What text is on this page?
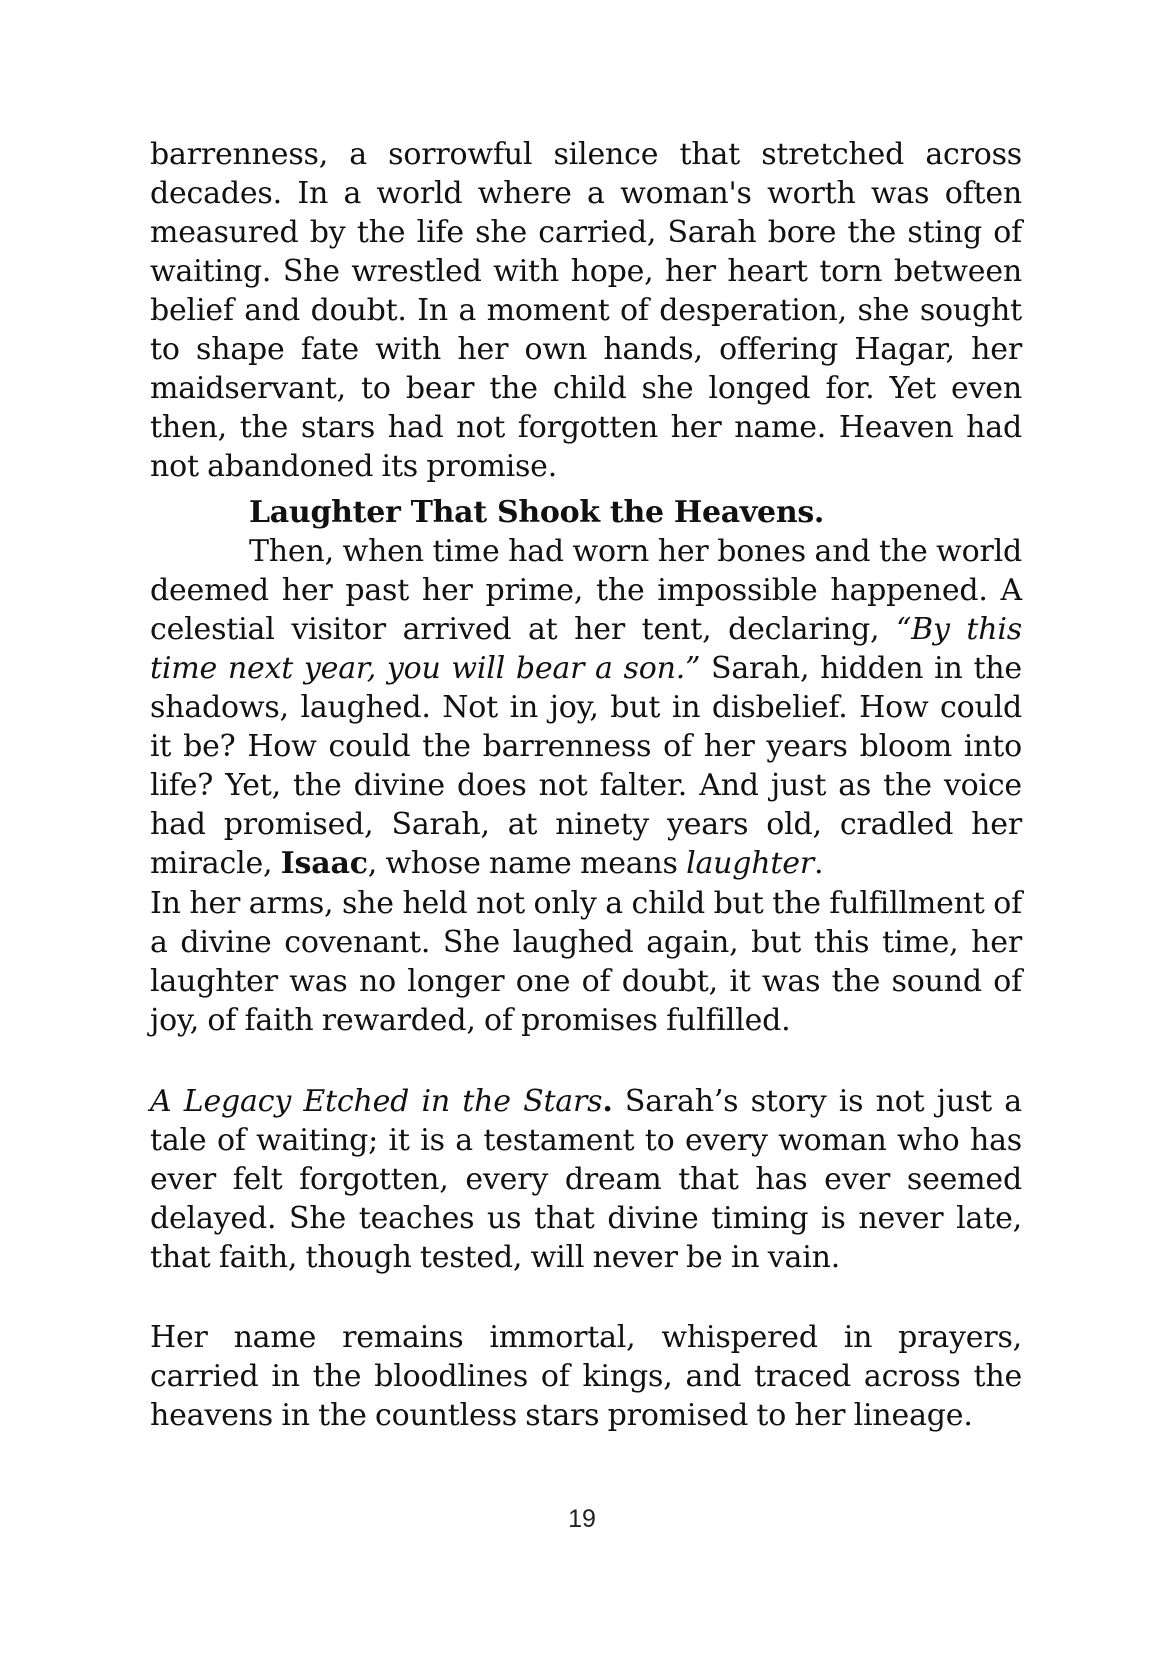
barrenness, a sorrowful silence that stretched across decades. In a world where a woman's worth was often measured by the life she carried, Sarah bore the sting of waiting. She wrestled with hope, her heart torn between belief and doubt. In a moment of desperation, she sought to shape fate with her own hands, offering Hagar, her maidservant, to bear the child she longed for. Yet even then, the stars had not forgotten her name. Heaven had not abandoned its promise.

Laughter That Shook the Heavens.

Then, when time had worn her bones and the world deemed her past her prime, the impossible happened. A celestial visitor arrived at her tent, declaring, “By this time next year, you will bear a son.” Sarah, hidden in the shadows, laughed. Not in joy, but in disbelief. How could it be? How could the barrenness of her years bloom into life? Yet, the divine does not falter. And just as the voice had promised, Sarah, at ninety years old, cradled her miracle, Isaac, whose name means laughter.

In her arms, she held not only a child but the fulfillment of a divine covenant. She laughed again, but this time, her laughter was no longer one of doubt, it was the sound of joy, of faith rewarded, of promises fulfilled.

A Legacy Etched in the Stars. Sarah’s story is not just a tale of waiting; it is a testament to every woman who has ever felt forgotten, every dream that has ever seemed delayed. She teaches us that divine timing is never late, that faith, though tested, will never be in vain.

Her name remains immortal, whispered in prayers, carried in the bloodlines of kings, and traced across the heavens in the countless stars promised to her lineage.

19
